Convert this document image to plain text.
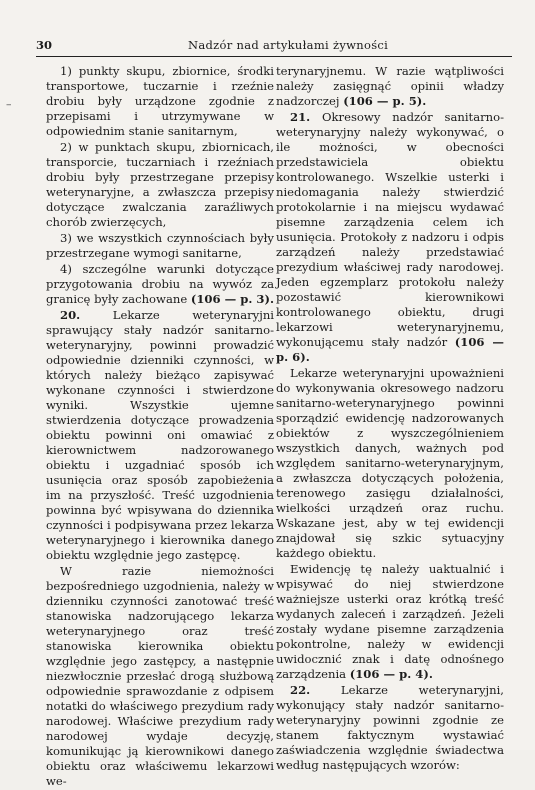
30	Nadzór nad artykułami żywności
–

1) punkty skupu, zbiornice, środki transportowe, tuczarnie i rzeźnie drobiu były urządzone zgodnie z przepisami i utrzymywane w odpowiednim stanie sanitarnym,

2) w punktach skupu, zbiornicach, transporcie, tuczarniach i rzeźniach drobiu były przestrzegane przepisy weterynaryjne, a zwłaszcza przepisy dotyczące zwalczania zaraźliwych chorób zwierzęcych,

3) we wszystkich czynnościach były przestrzegane wymogi sanitarne,

4) szczególne warunki dotyczące przygotowania drobiu na wywóz za granicę były zachowane (106 — p. 3).

20.	Lekarze weterynaryjni sprawujący stały nadzór sanitarno-weterynaryjny, powinni prowadzić odpowiednie dzienniki czynności, w których należy bieżąco zapisywać wykonane czynności i stwierdzone wyniki. Wszystkie ujemne stwierdzenia dotyczące prowadzenia obiektu powinni oni omawiać z kierownictwem nadzorowanego obiektu i uzgadniać sposób ich usunięcia oraz sposób zapobieżenia im na przyszłość. Treść uzgodnienia powinna być wpisywana do dziennika czynności i podpisywana przez lekarza weterynaryjnego i kierownika danego obiektu względnie jego zastępcę.

W razie niemożności bezpośredniego uzgodnienia, należy w dzienniku czynności zanotować treść stanowiska nadzorującego lekarza weterynaryjnego oraz treść stanowiska kierownika obiektu względnie jego zastępcy, a następnie niezwłocznie przesłać drogą służbową odpowiednie sprawozdanie z odpisem notatki do właściwego prezydium rady narodowej. Właściwe prezydium rady narodowej wydaje decyzję, komunikując ją kierownikowi danego obiektu oraz właściwemu lekarzowi we-

terynaryjnemu. W razie wątpliwości należy zasięgnąć opinii władzy nadzorczej (106 — p. 5).

21. Okresowy nadzór sanitarno-weterynaryjny należy wykonywać, o ile możności, w obecności przedstawiciela obiektu kontrolowanego. Wszelkie usterki i niedomagania należy stwierdzić protokolarnie i na miejscu wydawać pisemne zarządzenia celem ich usunięcia. Protokoły z nadzoru i odpis zarządzeń należy przedstawiać prezydium właściwej rady narodowej. Jeden egzemplarz protokołu należy pozostawić kierownikowi kontrolowanego obiektu, drugi lekarzowi weterynaryjnemu, wykonującemu stały nadzór (106 — p. 6).

Lekarze weterynaryjni upoważnieni do wykonywania okresowego nadzoru sanitarno-weterynaryjnego powinni sporządzić ewidencję nadzorowanych obiektów z wyszczególnieniem wszystkich danych, ważnych pod względem sanitarno-weterynaryjnym, a zwłaszcza dotyczących położenia, terenowego zasięgu działalności, wielkości urządzeń oraz ruchu. Wskazane jest, aby w tej ewidencji znajdował się szkic sytuacyjny każdego obiektu.

Ewidencję tę należy uaktualnić i wpisywać do niej stwierdzone ważniejsze usterki oraz krótką treść wydanych zaleceń i zarządzeń. Jeżeli zostały wydane pisemne zarządzenia pokontrolne, należy w ewidencji uwidocznić znak i datę odnośnego zarządzenia (106 — p. 4).

22.	Lekarze weterynaryjni, wykonujący stały nadzór sanitarno-weterynaryjny powinni zgodnie ze stanem faktycznym wystawiać zaświadczenia względnie świadectwa według następujących wzorów:
